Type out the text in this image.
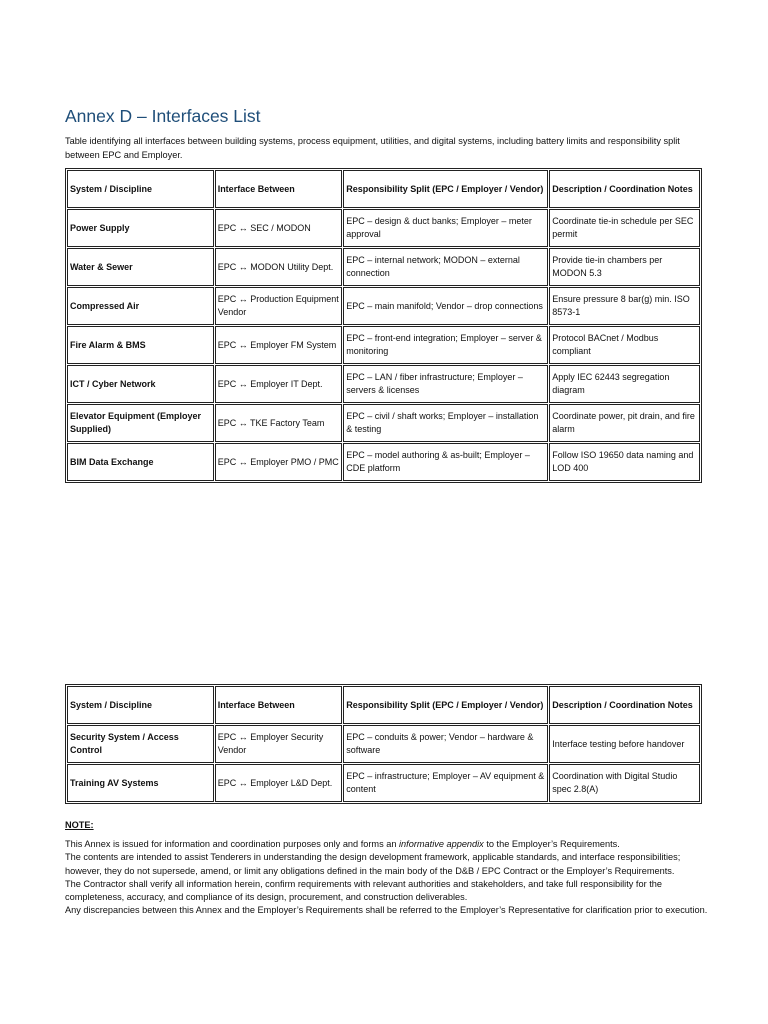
Annex D – Interfaces List

Table identifying all interfaces between building systems, process equipment, utilities, and digital systems, including battery limits and responsibility split between EPC and Employer.

System / Discipline	Interface Between	Responsibility Split (EPC / Employer / Vendor)	Description / Coordination Notes
Power Supply	EPC ↔ SEC / MODON	EPC – design & duct banks; Employer – meter approval	Coordinate tie-in schedule per SEC permit
Water & Sewer	EPC ↔ MODON Utility Dept.	EPC – internal network; MODON – external connection	Provide tie-in chambers per MODON 5.3
Compressed Air	EPC ↔ Production Equipment Vendor	EPC – main manifold; Vendor – drop connections	Ensure pressure 8 bar(g) min. ISO 8573-1
Fire Alarm & BMS	EPC ↔ Employer FM System	EPC – front-end integration; Employer – server & monitoring	Protocol BACnet / Modbus compliant
ICT / Cyber Network	EPC ↔ Employer IT Dept.	EPC – LAN / fiber infrastructure; Employer – servers & licenses	Apply IEC 62443 segregation diagram
Elevator Equipment (Employer Supplied)	EPC ↔ TKE Factory Team	EPC – civil / shaft works; Employer – installation & testing	Coordinate power, pit drain, and fire alarm
BIM Data Exchange	EPC ↔ Employer PMO / PMC	EPC – model authoring & as-built; Employer – CDE platform	Follow ISO 19650 data naming and LOD 400
System / Discipline	Interface Between	Responsibility Split (EPC / Employer / Vendor)	Description / Coordination Notes
Security System / Access Control	EPC ↔ Employer Security Vendor	EPC – conduits & power; Vendor – hardware & software	Interface testing before handover
Training AV Systems	EPC ↔ Employer L&D Dept.	EPC – infrastructure; Employer – AV equipment & content	Coordination with Digital Studio spec 2.8(A)

NOTE:

This Annex is issued for information and coordination purposes only and forms an informative appendix to the Employer’s Requirements.

The contents are intended to assist Tenderers in understanding the design development framework, applicable standards, and interface responsibilities; however, they do not supersede, amend, or limit any obligations defined in the main body of the D&B / EPC Contract or the Employer’s Requirements.

The Contractor shall verify all information herein, confirm requirements with relevant authorities and stakeholders, and take full responsibility for the completeness, accuracy, and compliance of its design, procurement, and construction deliverables.

Any discrepancies between this Annex and the Employer’s Requirements shall be referred to the Employer’s Representative for clarification prior to execution.
